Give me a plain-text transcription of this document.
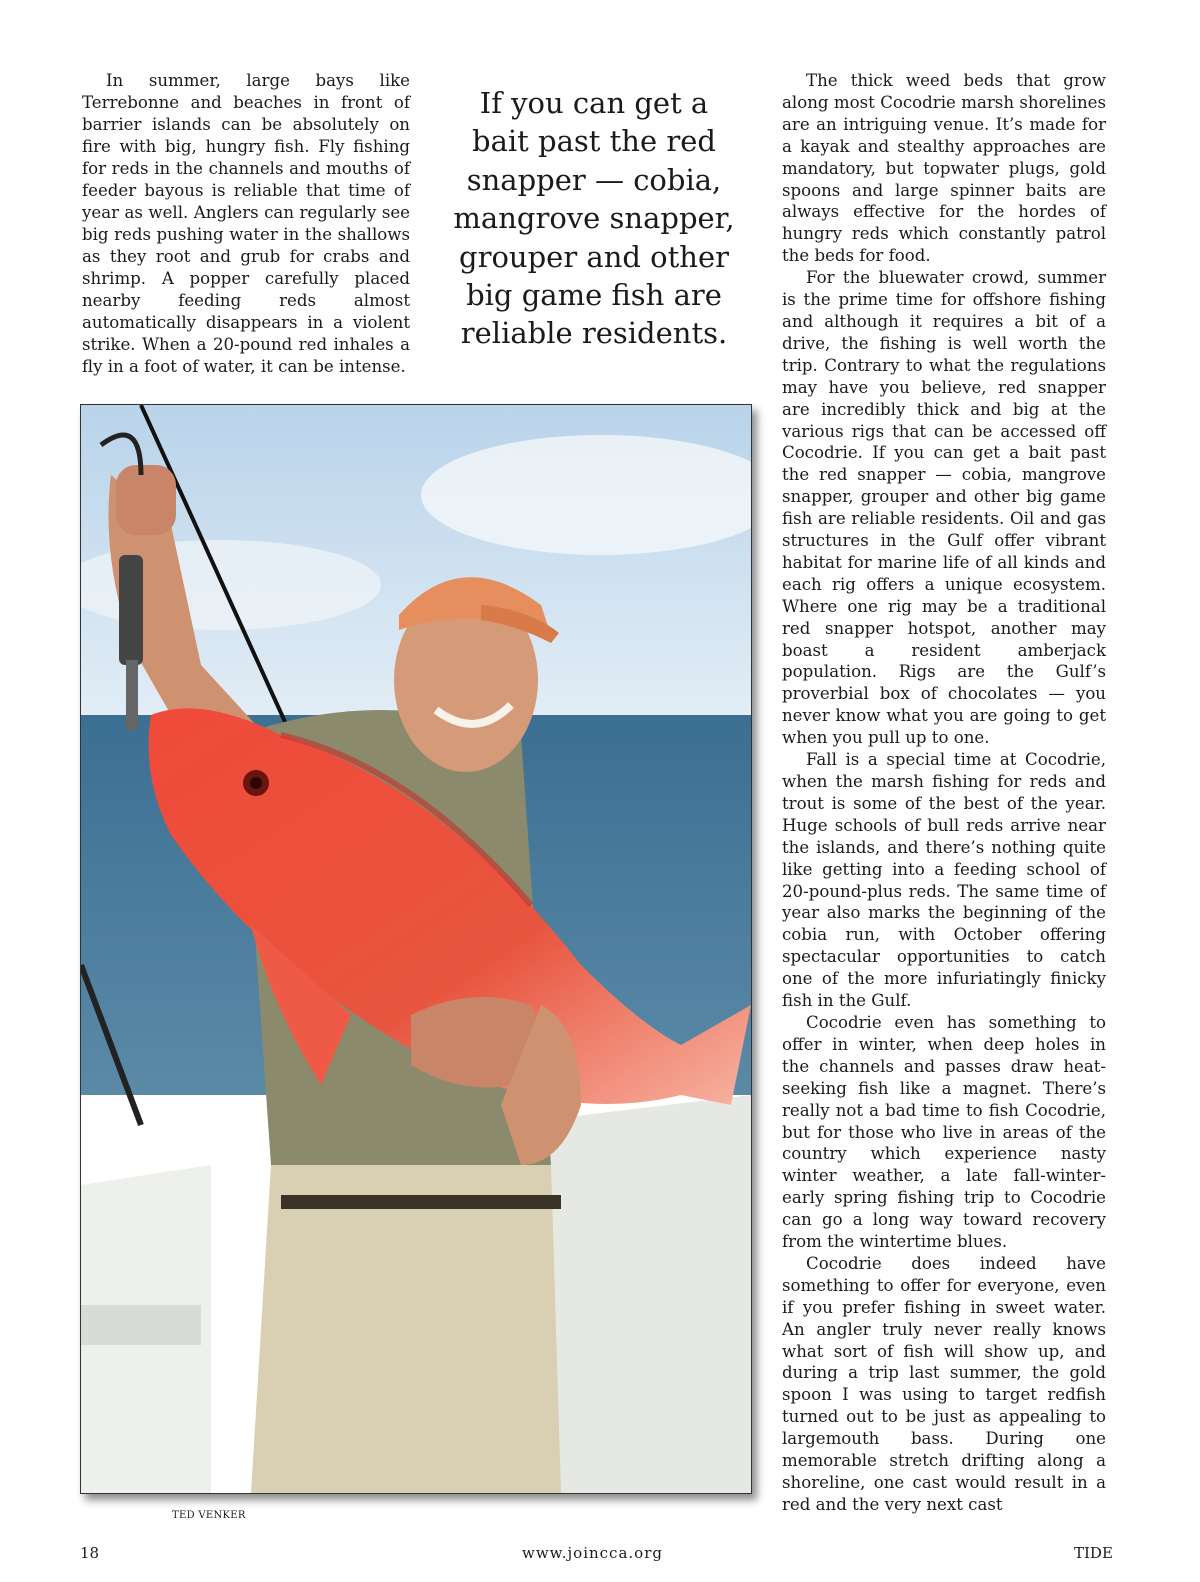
In summer, large bays like Terrebonne and beaches in front of barrier islands can be absolutely on fire with big, hungry fish. Fly fishing for reds in the channels and mouths of feeder bayous is reliable that time of year as well. Anglers can regularly see big reds pushing water in the shallows as they root and grub for crabs and shrimp. A popper carefully placed nearby feeding reds almost automatically disappears in a violent strike. When a 20-pound red inhales a fly in a foot of water, it can be intense.

If you can get a bait past the red snapper — cobia, mangrove snapper, grouper and other big game fish are reliable residents.

The thick weed beds that grow along most Cocodrie marsh shorelines are an intriguing venue. It’s made for a kayak and stealthy approaches are mandatory, but topwater plugs, gold spoons and large spinner baits are always effective for the hordes of hungry reds which constantly patrol the beds for food.

For the bluewater crowd, summer is the prime time for offshore fishing and although it requires a bit of a drive, the fishing is well worth the trip. Contrary to what the regulations may have you believe, red snapper are incredibly thick and big at the various rigs that can be accessed off Cocodrie. If you can get a bait past the red snapper — cobia, mangrove snapper, grouper and other big game fish are reliable residents. Oil and gas structures in the Gulf offer vibrant habitat for marine life of all kinds and each rig offers a unique ecosystem. Where one rig may be a traditional red snapper hotspot, another may boast a resident amberjack population. Rigs are the Gulf’s proverbial box of chocolates — you never know what you are going to get when you pull up to one.

Fall is a special time at Cocodrie, when the marsh fishing for reds and trout is some of the best of the year. Huge schools of bull reds arrive near the islands, and there’s nothing quite like getting into a feeding school of 20-pound-plus reds. The same time of year also marks the beginning of the cobia run, with October offering spectacular opportunities to catch one of the more infuriatingly finicky fish in the Gulf.

Cocodrie even has something to offer in winter, when deep holes in the channels and passes draw heat-seeking fish like a magnet. There’s really not a bad time to fish Cocodrie, but for those who live in areas of the country which experience nasty winter weather, a late fall-winter-early spring fishing trip to Cocodrie can go a long way toward recovery from the wintertime blues.

Cocodrie does indeed have something to offer for everyone, even if you prefer fishing in sweet water. An angler truly never really knows what sort of fish will show up, and during a trip last summer, the gold spoon I was using to target redfish turned out to be just as appealing to largemouth bass. During one memorable stretch drifting along a shoreline, one cast would result in a red and the very next cast

TED VENKER
18	www.joincca.org	TIDE
